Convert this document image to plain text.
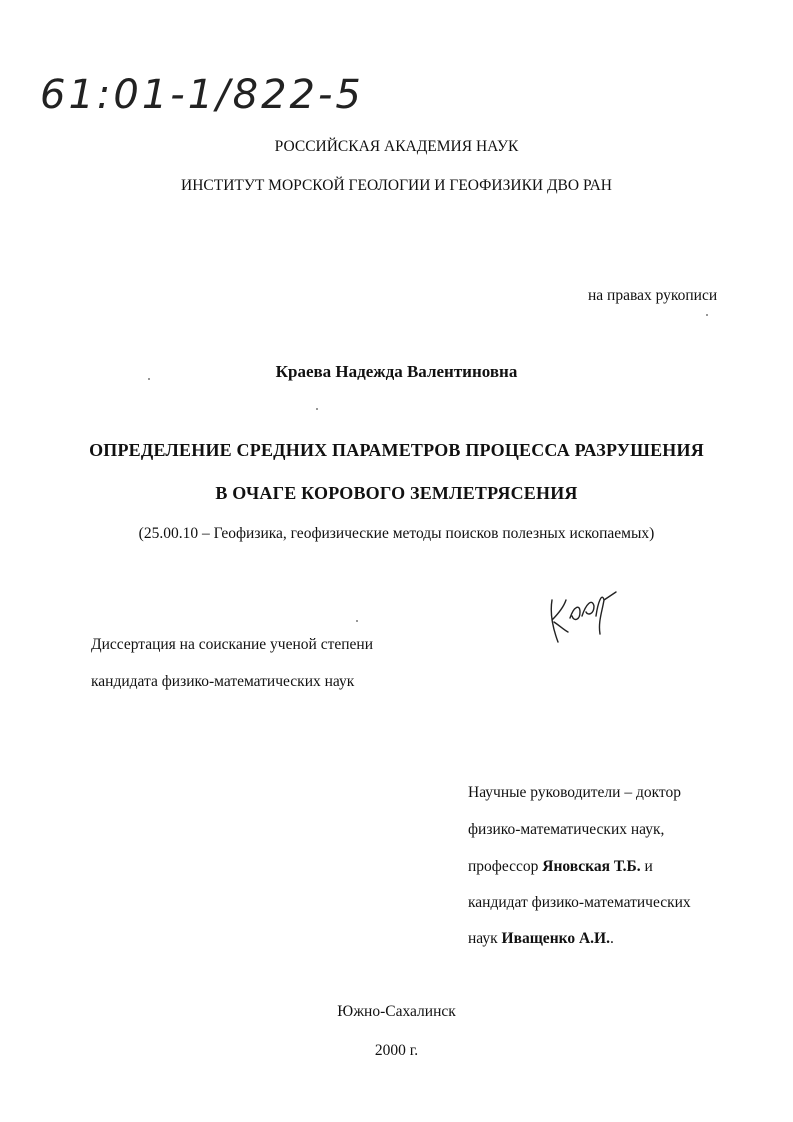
61:01-1/822-5
РОССИЙСКАЯ АКАДЕМИЯ НАУК
ИНСТИТУТ МОРСКОЙ ГЕОЛОГИИ И ГЕОФИЗИКИ ДВО РАН
на правах рукописи
Краева Надежда Валентиновна
ОПРЕДЕЛЕНИЕ СРЕДНИХ ПАРАМЕТРОВ ПРОЦЕССА РАЗРУШЕНИЯ
В ОЧАГЕ КОРОВОГО ЗЕМЛЕТРЯСЕНИЯ
(25.00.10 – Геофизика, геофизические методы поисков полезных ископаемых)
Диссертация на соискание ученой степени
кандидата физико-математических наук
Научные руководители – доктор
физико-математических наук,
профессор Яновская Т.Б. и
кандидат физико-математических
наук Иващенко А.И..
Южно-Сахалинск
2000 г.
